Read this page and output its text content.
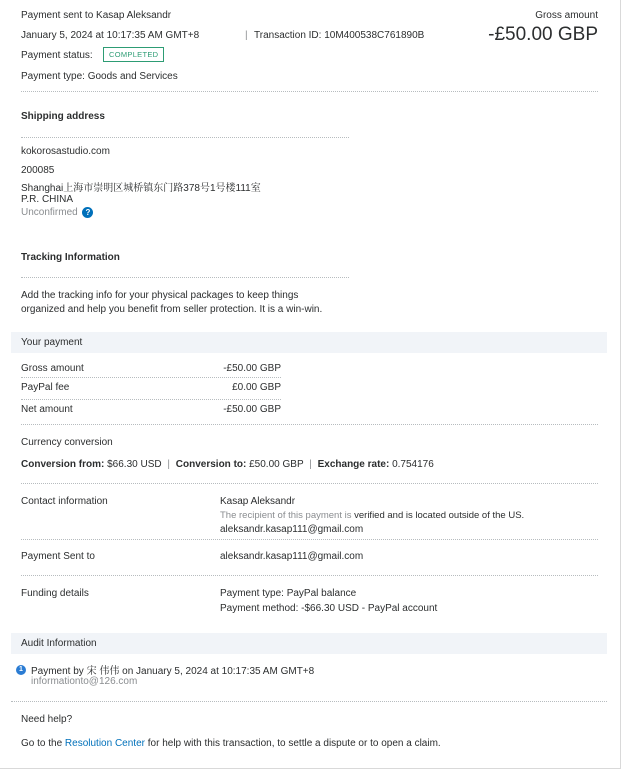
Payment sent to Kasap Aleksandr
January 5, 2024 at 10:17:35 AM GMT+8	| Transaction ID: 10M400538C761890B
Payment status:	COMPLETED
Payment type: Goods and Services
Gross amount
-£50.00 GBP
Shipping address
kokorosastudio.com
200085
Shanghai上海市崇明区城桥镇东门路378号1号楼111室
P.R. CHINA
Unconfirmed ?
Tracking Information
Add the tracking info for your physical packages to keep things
organized and help you benefit from seller protection. It is a win-win.
Your payment
Gross amount	-£50.00 GBP
PayPal fee	£0.00 GBP
Net amount	-£50.00 GBP
Currency conversion
Conversion from: $66.30 USD | Conversion to: £50.00 GBP | Exchange rate: 0.754176
Contact information	Kasap Aleksandr
The recipient of this payment is verified and is located outside of the US.
aleksandr.kasap111@gmail.com
Payment Sent to	aleksandr.kasap111@gmail.com
Funding details	Payment type: PayPal balance
Payment method: -$66.30 USD - PayPal account
Audit Information
1 Payment by 宋 伟伟 on January 5, 2024 at 10:17:35 AM GMT+8
informationto@126.com
Need help?
Go to the Resolution Center for help with this transaction, to settle a dispute or to open a claim.
